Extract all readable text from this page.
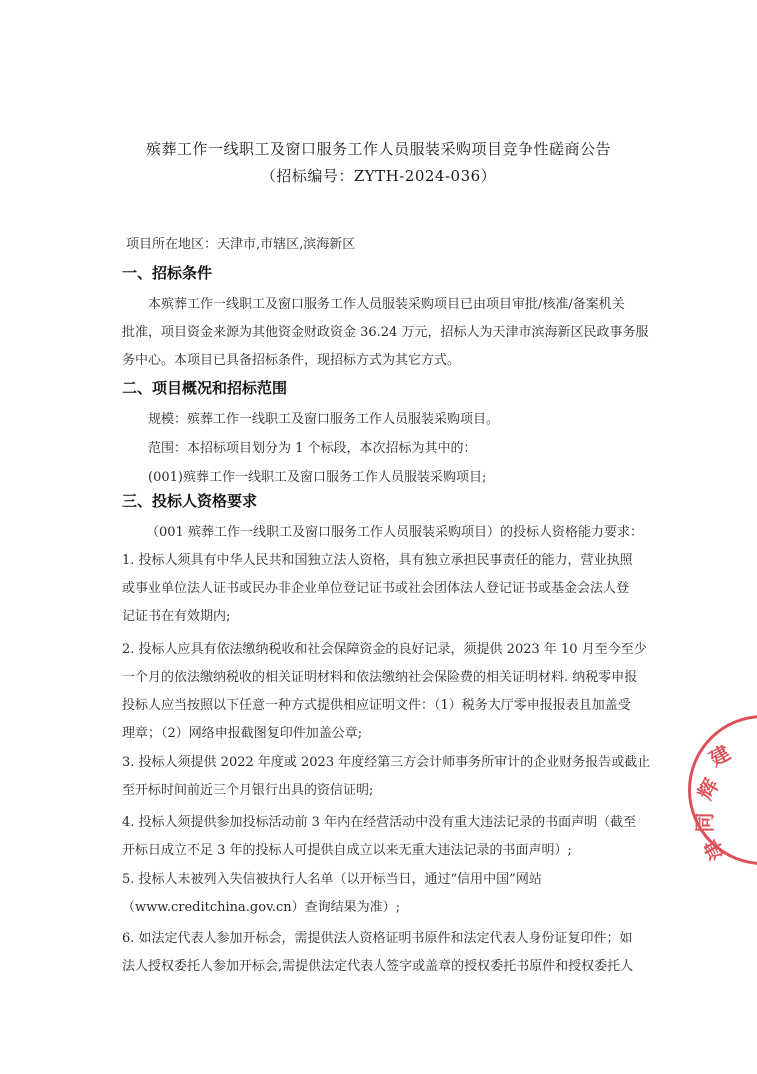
殡葬工作一线职工及窗口服务工作人员服装采购项目竞争性磋商公告
（招标编号：ZYTH-2024-036）
项目所在地区：天津市,市辖区,滨海新区
一、招标条件
本殡葬工作一线职工及窗口服务工作人员服装采购项目已由项目审批/核准/备案机关
批准，项目资金来源为其他资金财政资金 36.24 万元，招标人为天津市滨海新区民政事务服
务中心。本项目已具备招标条件，现招标方式为其它方式。
二、项目概况和招标范围
规模：殡葬工作一线职工及窗口服务工作人员服装采购项目。
范围：本招标项目划分为 1 个标段，本次招标为其中的：
(001)殡葬工作一线职工及窗口服务工作人员服装采购项目;
三、投标人资格要求
（001 殡葬工作一线职工及窗口服务工作人员服装采购项目）的投标人资格能力要求：
1. 投标人须具有中华人民共和国独立法人资格，具有独立承担民事责任的能力，营业执照
或事业单位法人证书或民办非企业单位登记证书或社会团体法人登记证书或基金会法人登
记证书在有效期内;
2. 投标人应具有依法缴纳税收和社会保障资金的良好记录，须提供 2023 年 10 月至今至少
一个月的依法缴纳税收的相关证明材料和依法缴纳社会保险费的相关证明材料. 纳税零申报
投标人应当按照以下任意一种方式提供相应证明文件：（1）税务大厅零申报报表且加盖受
理章；（2）网络申报截图复印件加盖公章;
3. 投标人须提供 2022 年度或 2023 年度经第三方会计师事务所审计的企业财务报告或截止
至开标时间前近三个月银行出具的资信证明;
4. 投标人须提供参加投标活动前 3 年内在经营活动中没有重大违法记录的书面声明（截至
开标日成立不足 3 年的投标人可提供自成立以来无重大违法记录的书面声明）;
5. 投标人未被列入失信被执行人名单（以开标当日，通过“信用中国”网站
（www.creditchina.gov.cn）查询结果为准）;
6. 如法定代表人参加开标会，需提供法人资格证明书原件和法定代表人身份证复印件；如
法人授权委托人参加开标会,需提供法定代表人签字或盖章的授权委托书原件和授权委托人
建
辉
同
津
